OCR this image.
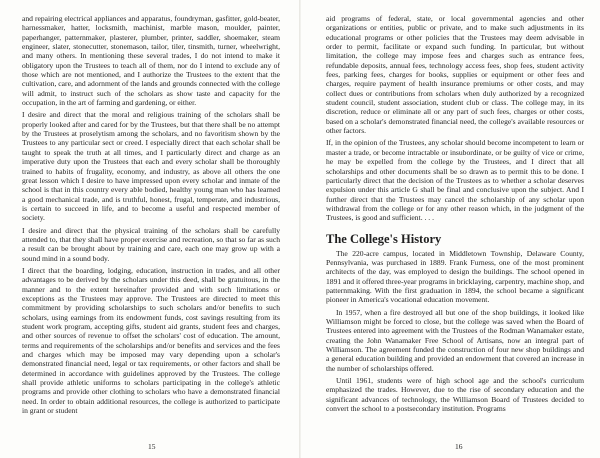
and repairing electrical appliances and apparatus, foundryman, gasfitter, gold-beater, harnessmaker, hatter, locksmith, machinist, marble mason, moulder, painter, paperhanger, patternmaker, plasterer, plumber, printer, saddler, shoemaker, steam engineer, slater, stonecutter, stonemason, tailor, tiler, tinsmith, turner, wheelwright, and many others. In mentioning these several trades, I do not intend to make it obligatory upon the Trustees to teach all of them, nor do I intend to exclude any of those which are not mentioned, and I authorize the Trustees to the extent that the cultivation, care, and adornment of the lands and grounds connected with the college will admit, to instruct such of the scholars as show taste and capacity for the occupation, in the art of farming and gardening, or either.

I desire and direct that the moral and religious training of the scholars shall be properly looked after and cared for by the Trustees, but that there shall be no attempt by the Trustees at proselytism among the scholars, and no favoritism shown by the Trustees to any particular sect or creed. I especially direct that each scholar shall be taught to speak the truth at all times, and I particularly direct and charge as an imperative duty upon the Trustees that each and every scholar shall be thoroughly trained to habits of frugality, economy, and industry, as above all others the one great lesson which I desire to have impressed upon every scholar and inmate of the school is that in this country every able bodied, healthy young man who has learned a good mechanical trade, and is truthful, honest, frugal, temperate, and industrious, is certain to succeed in life, and to become a useful and respected member of society.

I desire and direct that the physical training of the scholars shall be carefully attended to, that they shall have proper exercise and recreation, so that so far as such a result can be brought about by training and care, each one may grow up with a sound mind in a sound body.

I direct that the boarding, lodging, education, instruction in trades, and all other advantages to be derived by the scholars under this deed, shall be gratuitous, in the manner and to the extent hereinafter provided and with such limitations or exceptions as the Trustees may approve. The Trustees are directed to meet this commitment by providing scholarships to such scholars and/or benefits to such scholars, using earnings from its endowment funds, cost savings resulting from its student work program, accepting gifts, student aid grants, student fees and charges, and other sources of revenue to offset the scholars' cost of education. The amount, terms and requirements of the scholarships and/or benefits and services and the fees and charges which may be imposed may vary depending upon a scholar's demonstrated financial need, legal or tax requirements, or other factors and shall be determined in accordance with guidelines approved by the Trustees. The college shall provide athletic uniforms to scholars participating in the college's athletic programs and provide other clothing to scholars who have a demonstrated financial need. In order to obtain additional resources, the college is authorized to participate in grant or student

aid programs of federal, state, or local governmental agencies and other organizations or entities, public or private, and to make such adjustments in its educational programs or other policies that the Trustees may deem advisable in order to permit, facilitate or expand such funding. In particular, but without limitation, the college may impose fees and charges such as entrance fees, refundable deposits, annual fees, technology access fees, shop fees, student activity fees, parking fees, charges for books, supplies or equipment or other fees and charges, require payment of health insurance premiums or other costs, and may collect dues or contributions from scholars when duly authorized by a recognized student council, student association, student club or class. The college may, in its discretion, reduce or eliminate all or any part of such fees, charges or other costs, based on a scholar's demonstrated financial need, the college's available resources or other factors.

If, in the opinion of the Trustees, any scholar should become incompetent to learn or master a trade, or become intractable or insubordinate, or be guilty of vice or crime, he may be expelled from the college by the Trustees, and I direct that all scholarships and other documents shall be so drawn as to permit this to be done. I particularly direct that the decision of the Trustees as to whether a scholar deserves expulsion under this article G shall be final and conclusive upon the subject. And I further direct that the Trustees may cancel the scholarship of any scholar upon withdrawal from the college or for any other reason which, in the judgment of the Trustees, is good and sufficient. . . .

The College's History

The 220-acre campus, located in Middletown Township, Delaware County, Pennsylvania, was purchased in 1889. Frank Furness, one of the most prominent architects of the day, was employed to design the buildings. The school opened in 1891 and it offered three-year programs in bricklaying, carpentry, machine shop, and patternmaking. With the first graduation in 1894, the school became a significant pioneer in America's vocational education movement.

In 1957, when a fire destroyed all but one of the shop buildings, it looked like Williamson might be forced to close, but the college was saved when the Board of Trustees entered into agreement with the Trustees of the Rodman Wanamaker estate, creating the John Wanamaker Free School of Artisans, now an integral part of Williamson. The agreement funded the construction of four new shop buildings and a general education building and provided an endowment that covered an increase in the number of scholarships offered.

Until 1961, students were of high school age and the school's curriculum emphasized the trades. However, due to the rise of secondary education and the significant advances of technology, the Williamson Board of Trustees decided to convert the school to a postsecondary institution. Programs

15	16
